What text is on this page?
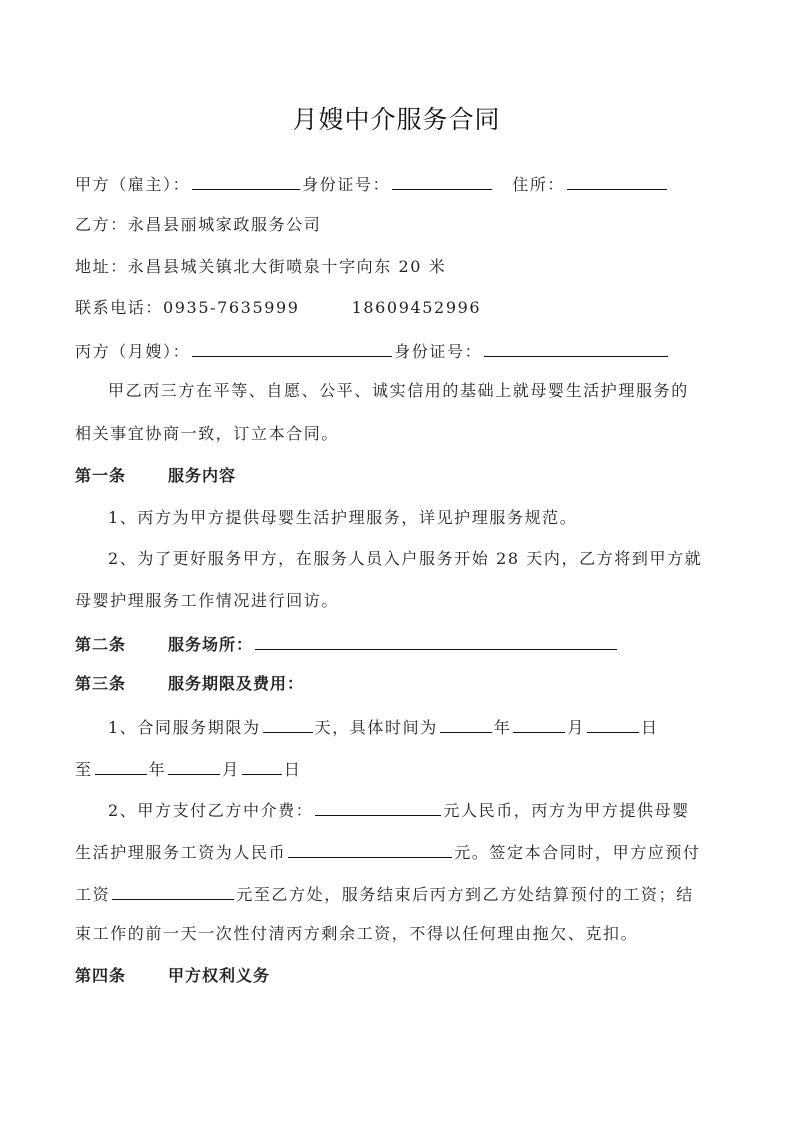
月嫂中介服务合同
甲方（雇主）：	身份证号：	住所：
乙方：永昌县丽城家政服务公司
地址：永昌县城关镇北大街喷泉十字向东 20 米
联系电话：0935-7635999	18609452996
丙方（月嫂）：	身份证号：
甲乙丙三方在平等、自愿、公平、诚实信用的基础上就母婴生活护理服务的
相关事宜协商一致，订立本合同。
第一条	服务内容
1、丙方为甲方提供母婴生活护理服务，详见护理服务规范。
2、为了更好服务甲方，在服务人员入户服务开始 28 天内，乙方将到甲方就
母婴护理服务工作情况进行回访。
第二条	服务场所：
第三条	服务期限及费用：
1、合同服务期限为	天，具体时间为	年	月	日
至	年	月	日
2、甲方支付乙方中介费：	元人民币，丙方为甲方提供母婴
生活护理服务工资为人民币	元。签定本合同时，甲方应预付
工资	元至乙方处，服务结束后丙方到乙方处结算预付的工资；结
束工作的前一天一次性付清丙方剩余工资，不得以任何理由拖欠、克扣。
第四条	甲方权利义务
